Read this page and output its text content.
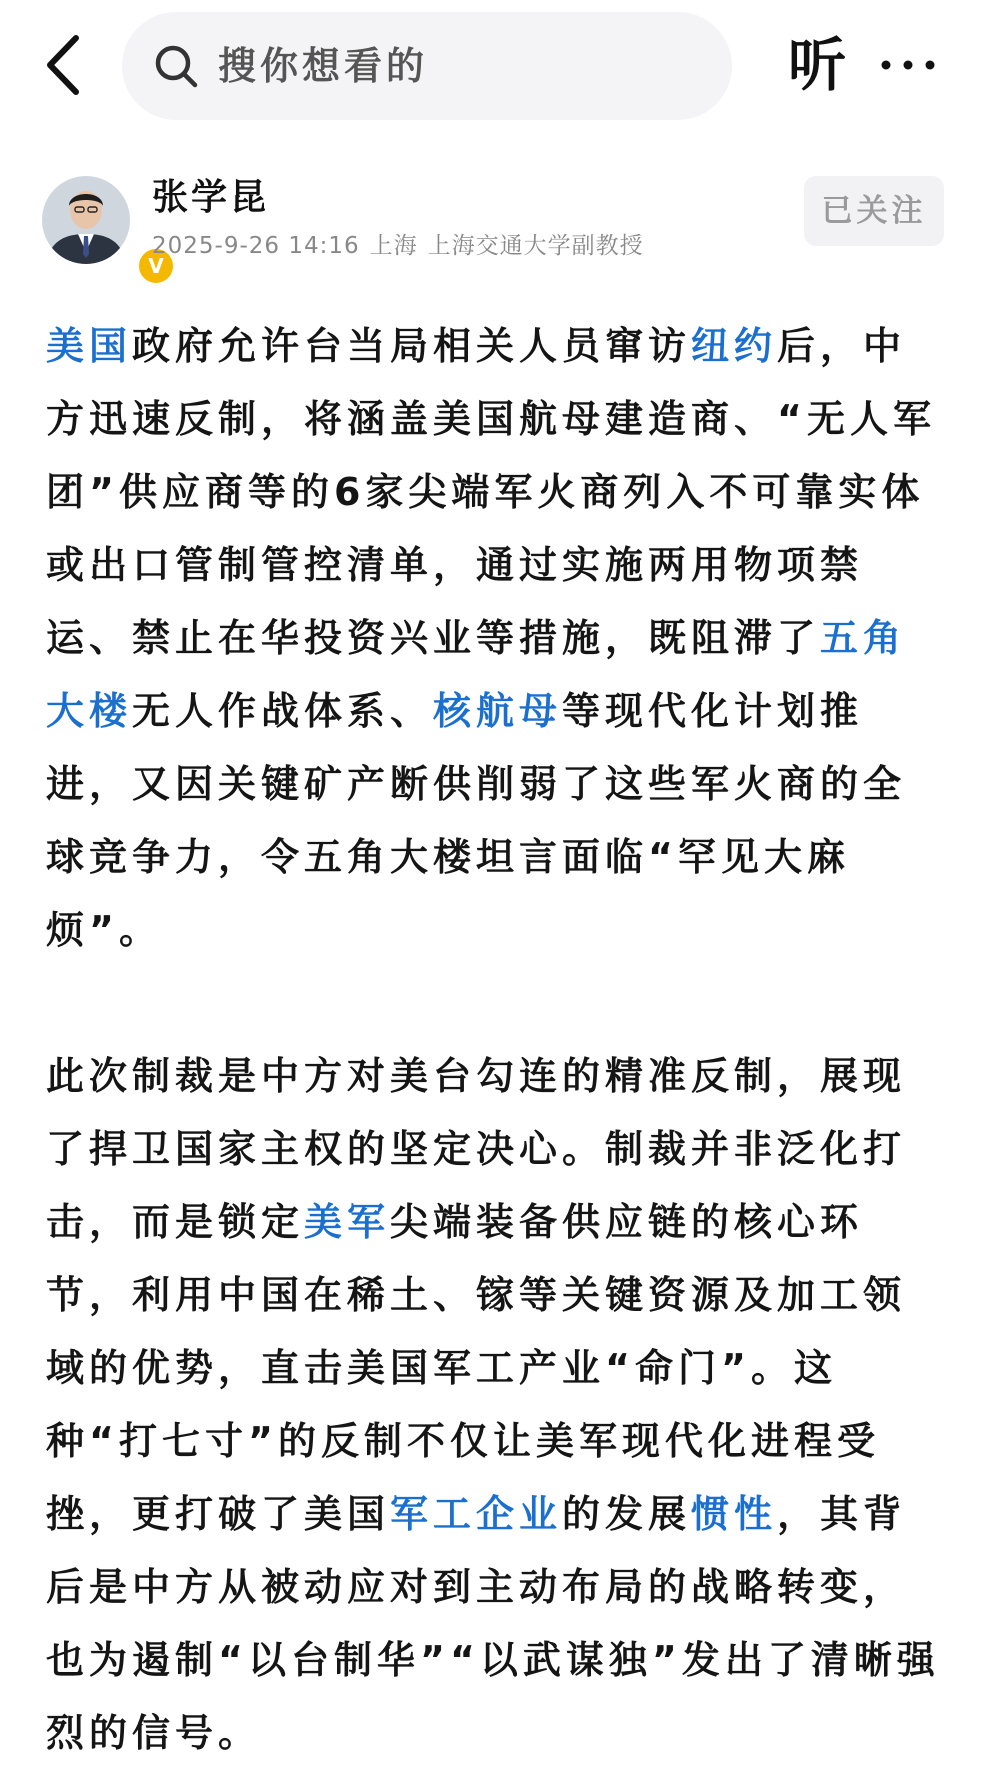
搜你想看的	听
V
张学昆
2025-9-26 14:16 上海 上海交通大学副教授
已关注

美国政府允许台当局相关人员窜访纽约后，中方迅速反制，将涵盖美国航母建造商、“无人军团”供应商等的6家尖端军火商列入不可靠实体或出口管制管控清单，通过实施两用物项禁运、禁止在华投资兴业等措施，既阻滞了五角大楼无人作战体系、核航母等现代化计划推进，又因关键矿产断供削弱了这些军火商的全球竞争力，令五角大楼坦言面临“罕见大麻烦”。

此次制裁是中方对美台勾连的精准反制，展现了捍卫国家主权的坚定决心。制裁并非泛化打击，而是锁定美军尖端装备供应链的核心环节，利用中国在稀土、镓等关键资源及加工领域的优势，直击美国军工产业“命门”。这种“打七寸”的反制不仅让美军现代化进程受挫，更打破了美国军工企业的发展惯性，其背后是中方从被动应对到主动布局的战略转变，也为遏制“以台制华”“以武谋独”发出了清晰强烈的信号。
